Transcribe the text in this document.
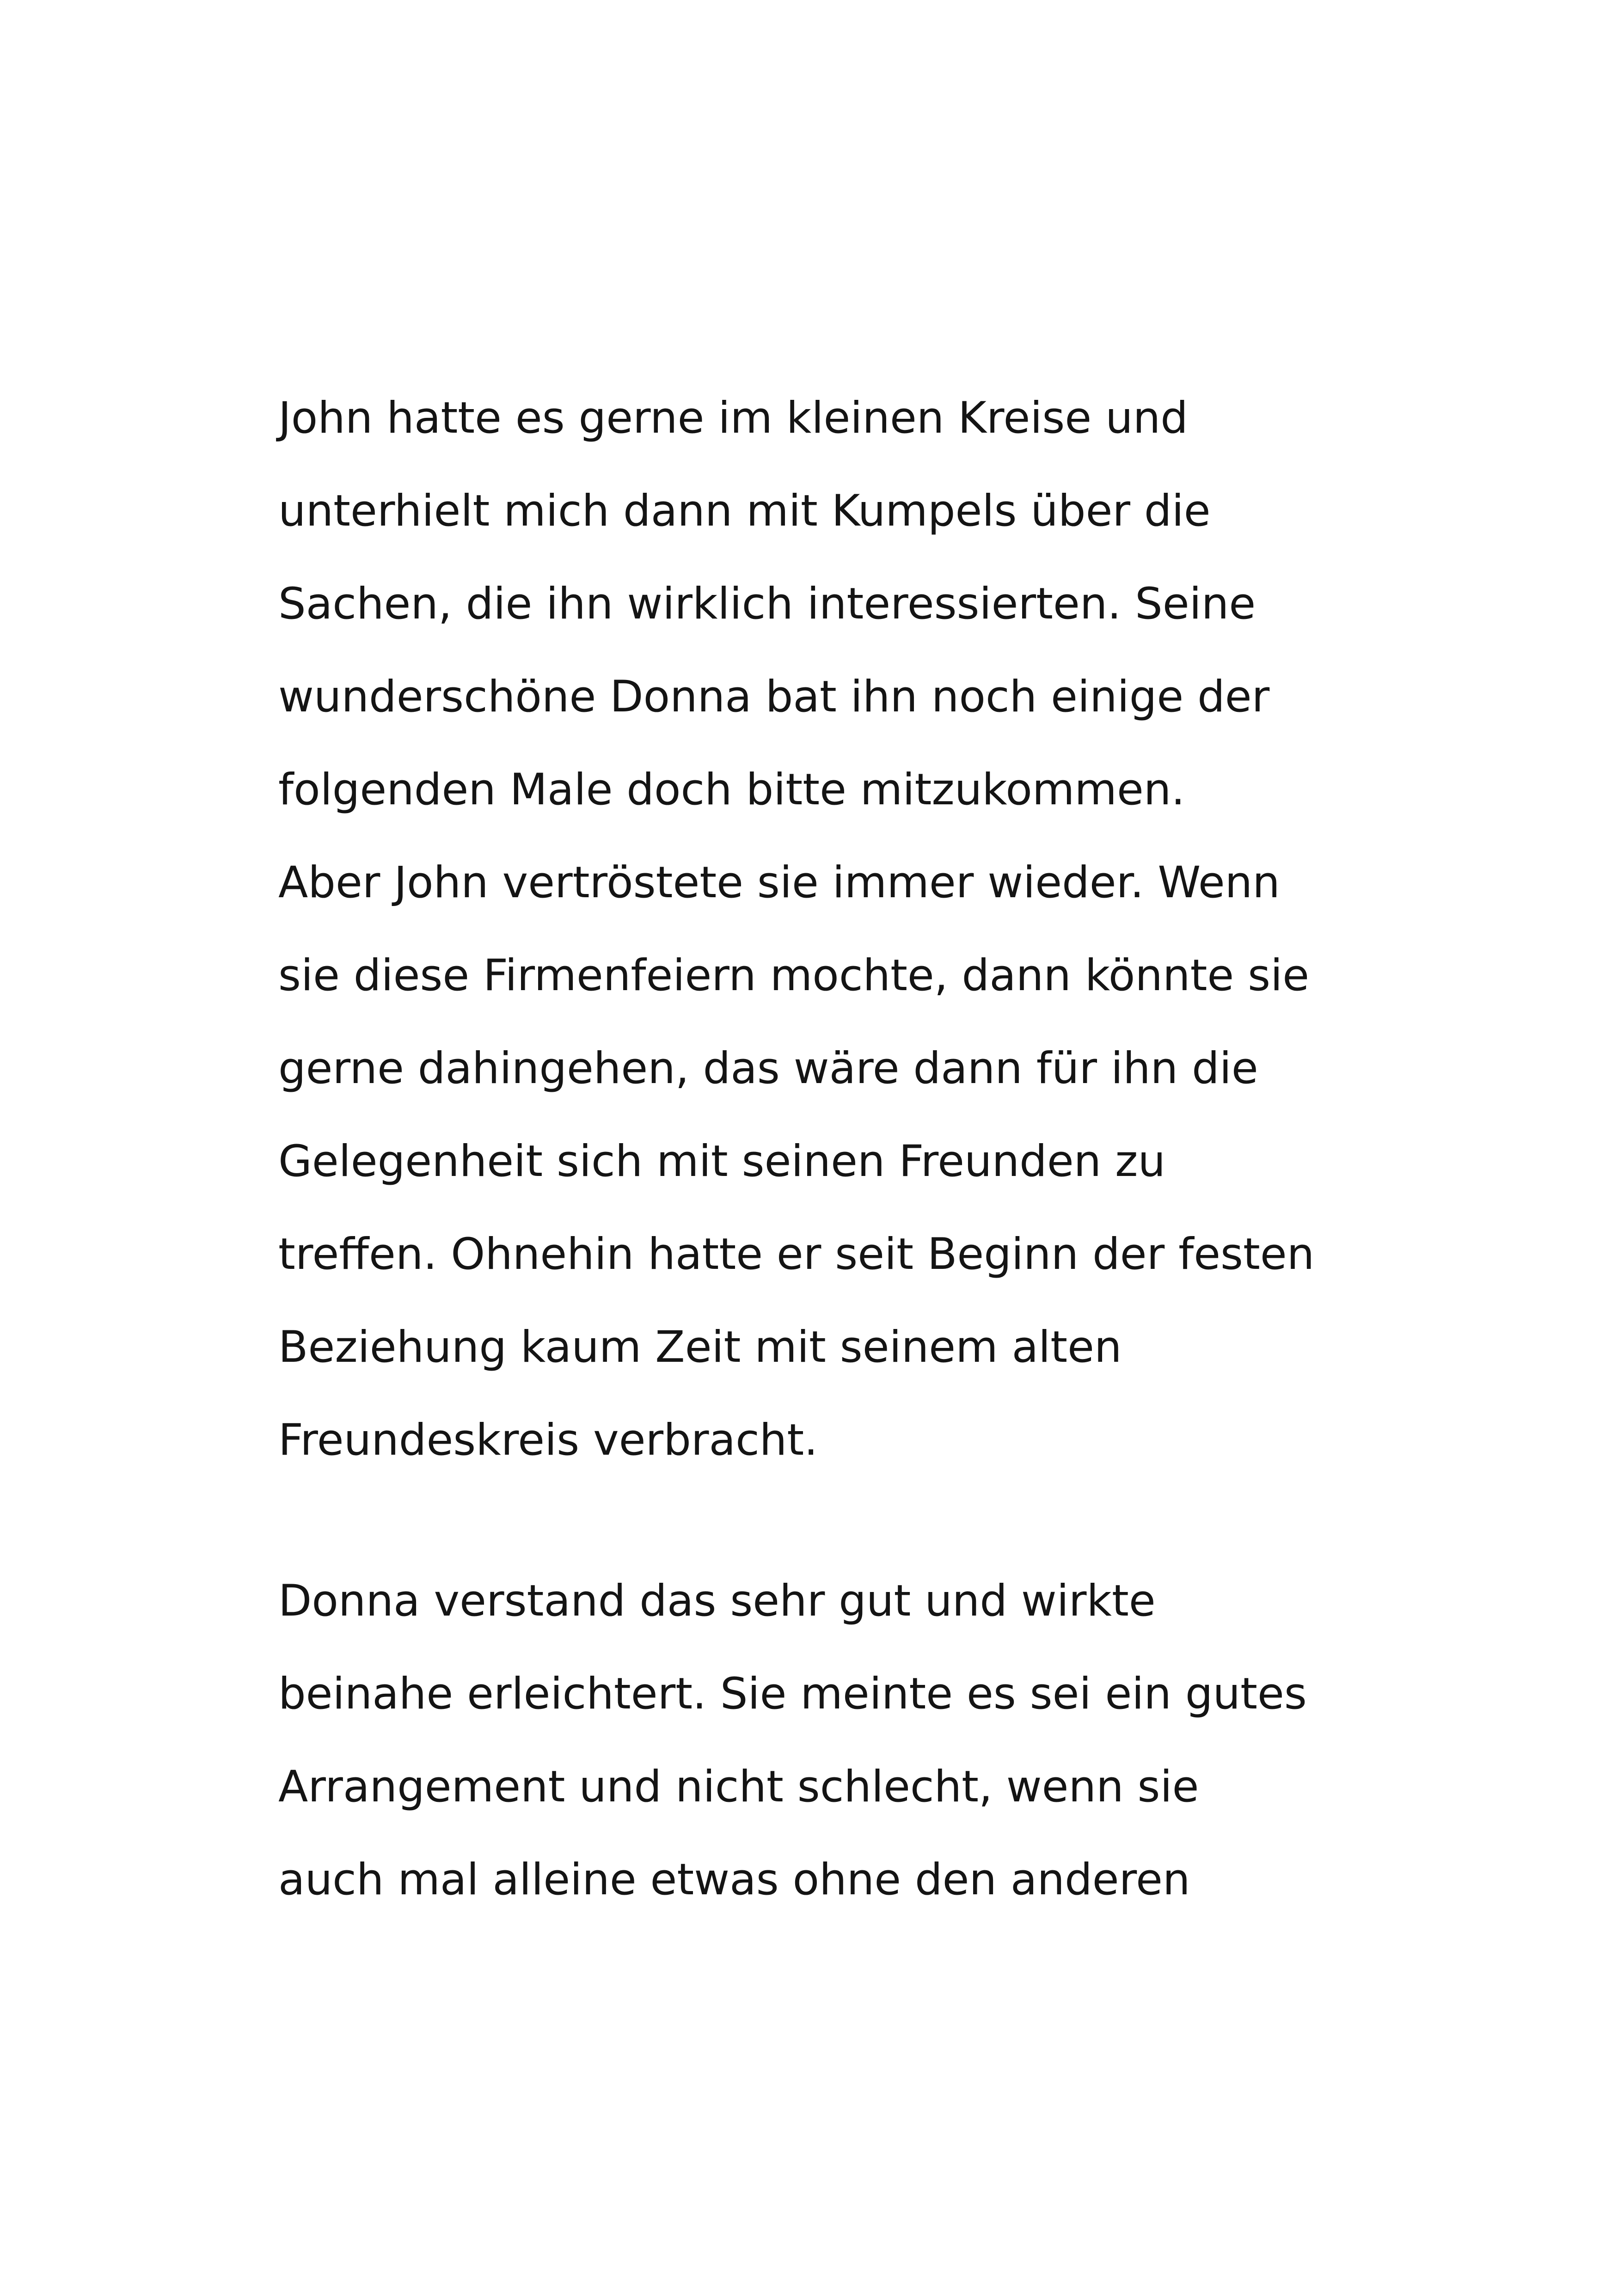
John hatte es gerne im kleinen Kreise und
unterhielt mich dann mit Kumpels über die
Sachen, die ihn wirklich interessierten. Seine
wunderschöne Donna bat ihn noch einige der
folgenden Male doch bitte mitzukommen.
Aber John vertröstete sie immer wieder. Wenn
sie diese Firmenfeiern mochte, dann könnte sie
gerne dahingehen, das wäre dann für ihn die
Gelegenheit sich mit seinen Freunden zu
treffen. Ohnehin hatte er seit Beginn der festen
Beziehung kaum Zeit mit seinem alten
Freundeskreis verbracht.
Donna verstand das sehr gut und wirkte
beinahe erleichtert. Sie meinte es sei ein gutes
Arrangement und nicht schlecht, wenn sie
auch mal alleine etwas ohne den anderen
